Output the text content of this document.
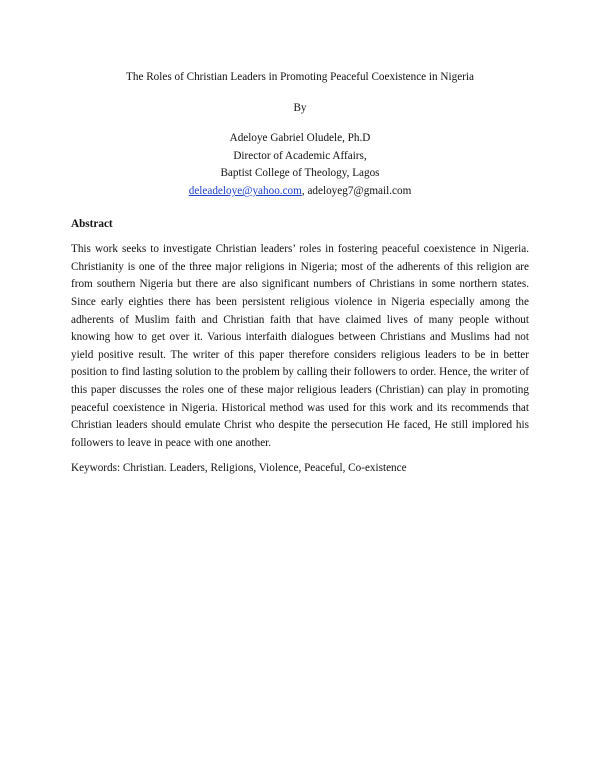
The Roles of Christian Leaders in Promoting Peaceful Coexistence in Nigeria

By

Adeloye Gabriel Oludele, Ph.D
Director of Academic Affairs,
Baptist College of Theology, Lagos
deleadeloye@yahoo.com, adeloyeg7@gmail.com
Abstract

This work seeks to investigate Christian leaders’ roles in fostering peaceful coexistence in Nigeria. Christianity is one of the three major religions in Nigeria; most of the adherents of this religion are from southern Nigeria but there are also significant numbers of Christians in some northern states. Since early eighties there has been persistent religious violence in Nigeria especially among the adherents of Muslim faith and Christian faith that have claimed lives of many people without knowing how to get over it. Various interfaith dialogues between Christians and Muslims had not yield positive result. The writer of this paper therefore considers religious leaders to be in better position to find lasting solution to the problem by calling their followers to order. Hence, the writer of this paper discusses the roles one of these major religious leaders (Christian) can play in promoting peaceful coexistence in Nigeria. Historical method was used for this work and its recommends that Christian leaders should emulate Christ who despite the persecution He faced, He still implored his followers to leave in peace with one another.

Keywords: Christian. Leaders, Religions, Violence, Peaceful, Co-existence
